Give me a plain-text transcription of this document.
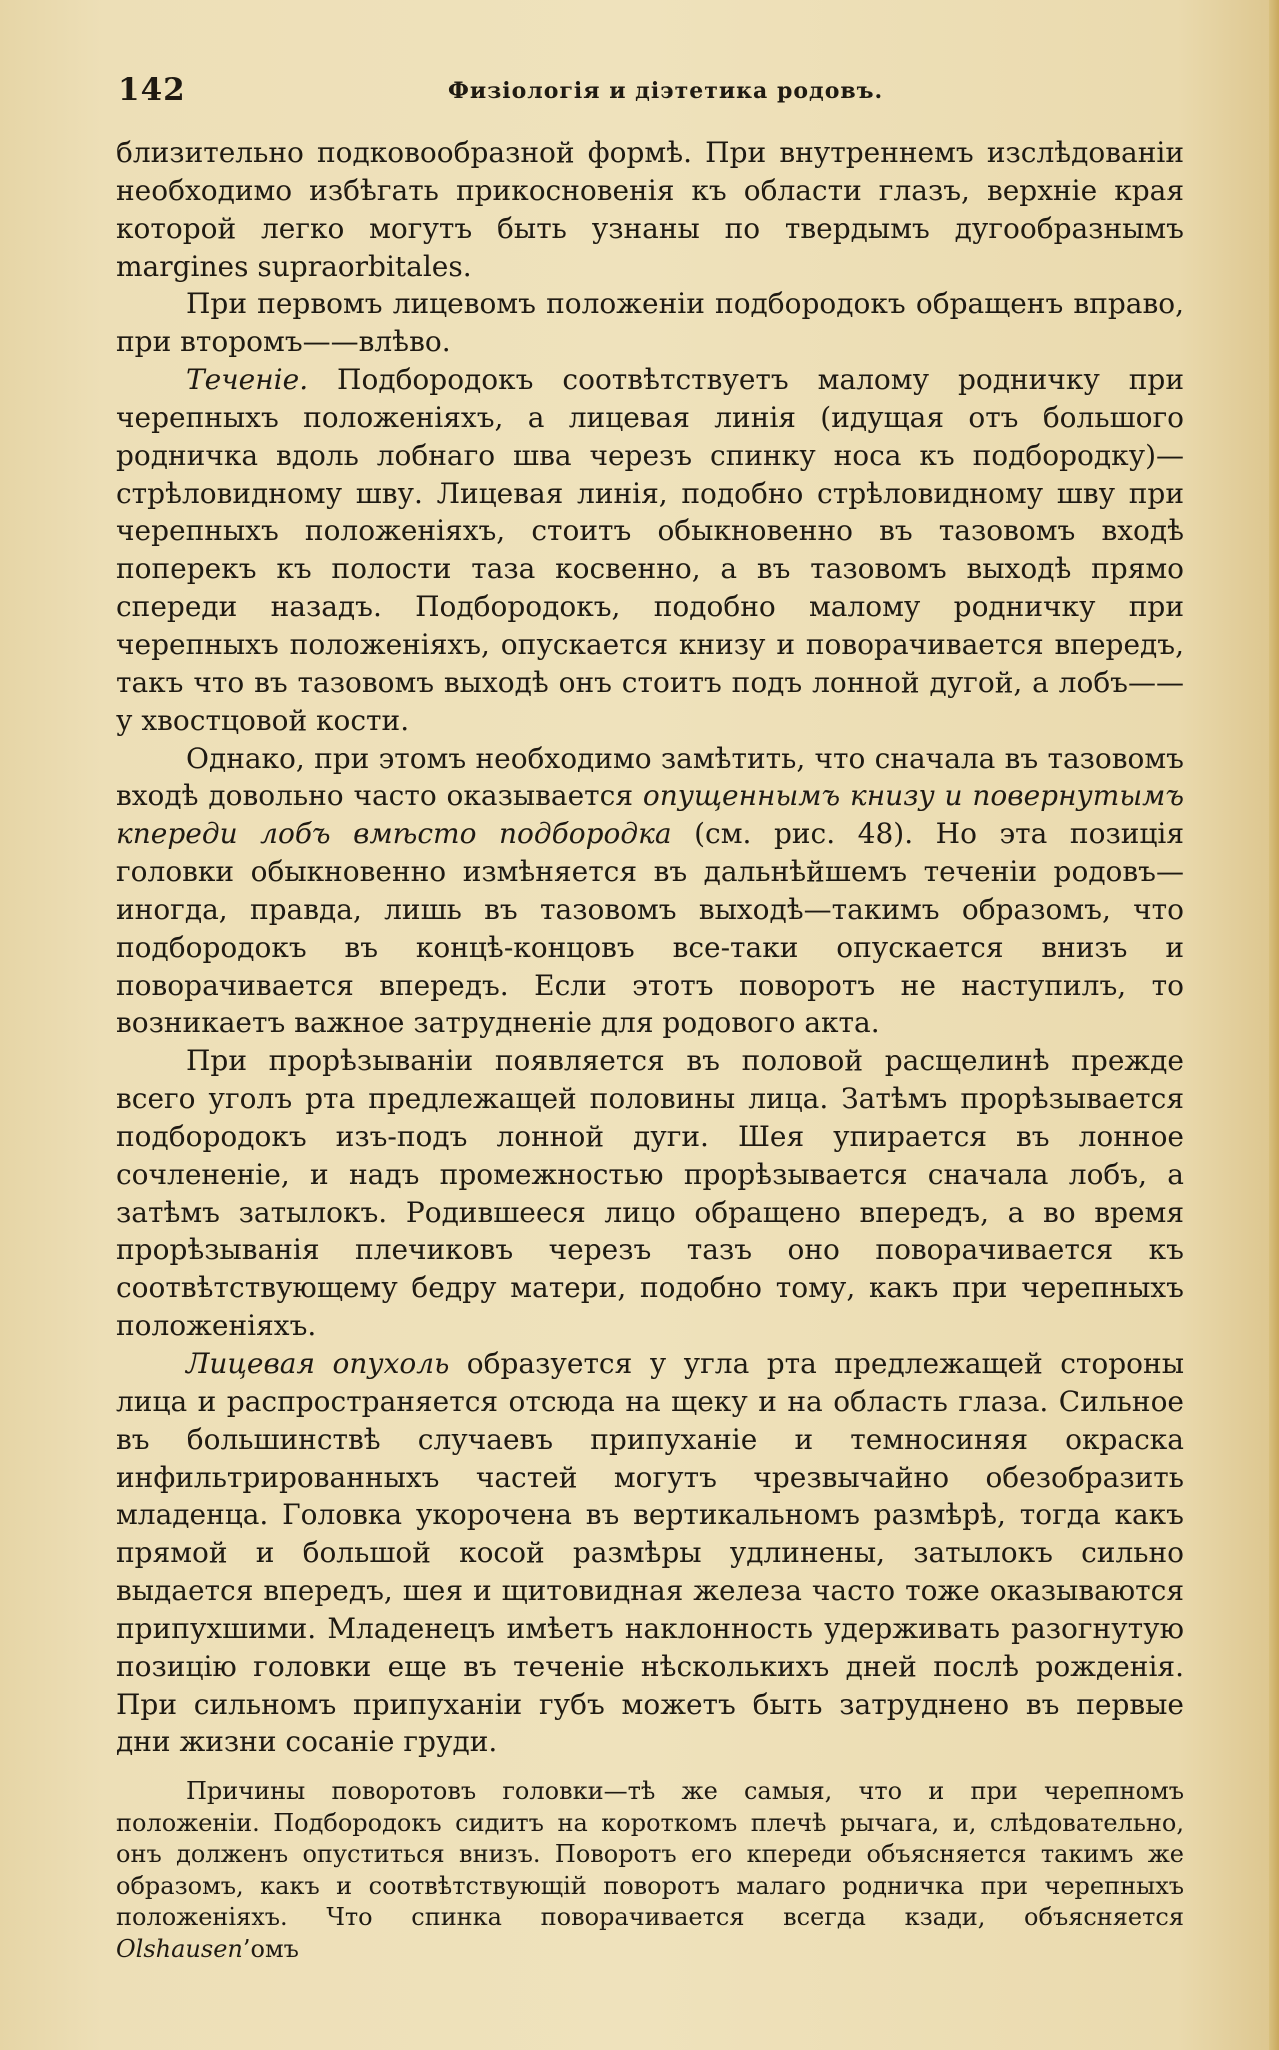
142	Физіологія и діэтетика родовъ.

близительно подковообразной формѣ. При внутреннемъ изслѣдованіи необходимо избѣгать прикосновенія къ области глазъ, верхніе края которой легко могутъ быть узнаны по твердымъ дугообразнымъ margines supraorbitales.

При первомъ лицевомъ положеніи подбородокъ обращенъ вправо, при второмъ——влѣво.

Теченіе. Подбородокъ соотвѣтствуетъ малому родничку при черепныхъ положеніяхъ, а лицевая линія (идущая отъ большого родничка вдоль лобнаго шва черезъ спинку носа къ подбородку)—стрѣловидному шву. Лицевая линія, подобно стрѣловидному шву при черепныхъ положеніяхъ, стоитъ обыкновенно въ тазовомъ входѣ поперекъ къ полости таза косвенно, а въ тазовомъ выходѣ прямо спереди назадъ. Подбородокъ, подобно малому родничку при черепныхъ положеніяхъ, опускается книзу и поворачивается впередъ, такъ что въ тазовомъ выходѣ онъ стоитъ подъ лонной дугой, а лобъ——у хвостцовой кости.

Однако, при этомъ необходимо замѣтить, что сначала въ тазовомъ входѣ довольно часто оказывается опущеннымъ книзу и повернутымъ кпереди лобъ вмѣсто подбородка (см. рис. 48). Но эта позиція головки обыкновенно измѣняется въ дальнѣйшемъ теченіи родовъ— иногда, правда, лишь въ тазовомъ выходѣ—такимъ образомъ, что подбородокъ въ концѣ-концовъ все-таки опускается внизъ и поворачивается впередъ. Если этотъ поворотъ не наступилъ, то возникаетъ важное затрудненіе для родового акта.

При прорѣзываніи появляется въ половой расщелинѣ прежде всего уголъ рта предлежащей половины лица. Затѣмъ прорѣзывается подбородокъ изъ-подъ лонной дуги. Шея упирается въ лонное сочлененіе, и надъ промежностью прорѣзывается сначала лобъ, а затѣмъ затылокъ. Родившееся лицо обращено впередъ, а во время прорѣзыванія плечиковъ черезъ тазъ оно поворачивается къ соотвѣтствующему бедру матери, подобно тому, какъ при черепныхъ положеніяхъ.

Лицевая опухоль образуется у угла рта предлежащей стороны лица и распространяется отсюда на щеку и на область глаза. Сильное въ большинствѣ случаевъ припуханіе и темносиняя окраска инфильтрированныхъ частей могутъ чрезвычайно обезобразить младенца. Головка укорочена въ вертикальномъ размѣрѣ, тогда какъ прямой и большой косой размѣры удлинены, затылокъ сильно выдается впередъ, шея и щитовидная железа часто тоже оказываются припухшими. Младенецъ имѣетъ наклонность удерживать разогнутую позицію головки еще въ теченіе нѣсколькихъ дней послѣ рожденія. При сильномъ припуханіи губъ можетъ быть затруднено въ первые дни жизни сосаніе груди.

Причины поворотовъ головки—тѣ же самыя, что и при черепномъ положеніи. Подбородокъ сидитъ на короткомъ плечѣ рычага, и, слѣдовательно, онъ долженъ опуститься внизъ. Поворотъ его кпереди объясняется такимъ же образомъ, какъ и соотвѣтствующій поворотъ малаго родничка при черепныхъ положеніяхъ. Что спинка поворачивается всегда кзади, объясняется Olshausen’омъ
